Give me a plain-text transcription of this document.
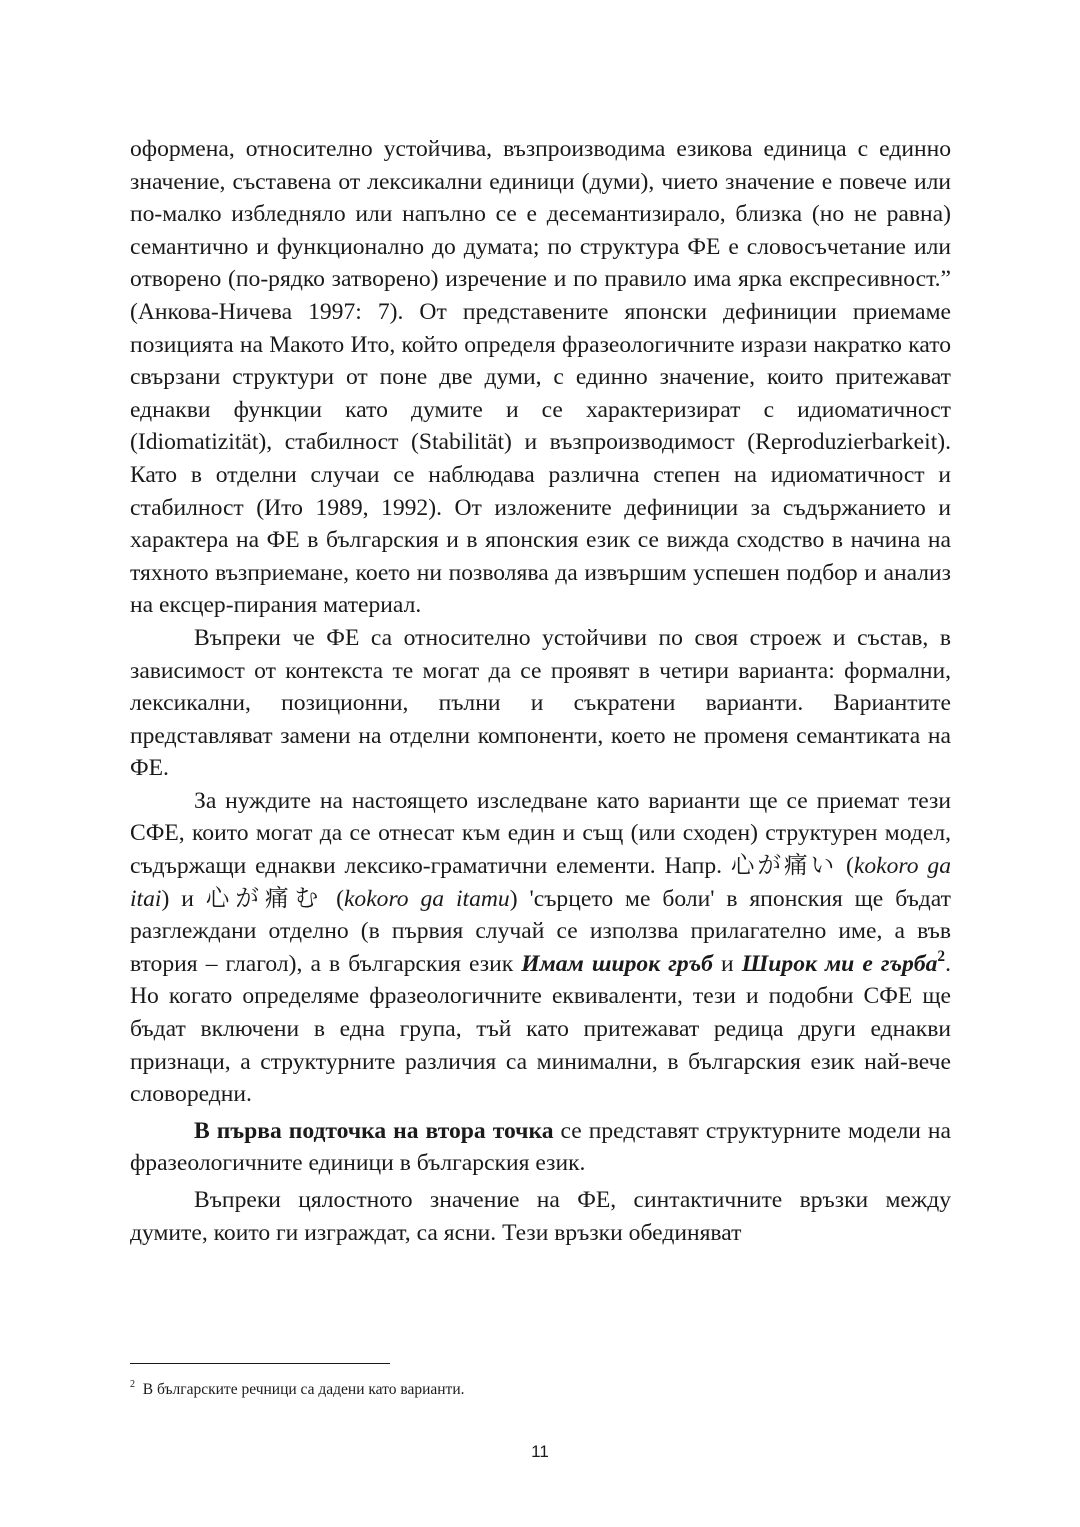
оформена, относително устойчива, възпроизводима езикова единица с единно значение, съставена от лексикални единици (думи), чието значение е повече или по-малко избледняло или напълно се е десемантизирало, близка (но не равна) семантично и функционално до думата; по структура ФЕ е словосъчетание или отворено (по-рядко затворено) изречение и по правило има ярка експресивност.” (Анкова-Ничева 1997: 7). От представените японски дефиниции приемаме позицията на Макото Ито, който определя фразеологичните изрази накратко като свързани структури от поне две думи, с единно значение, които притежават еднакви функции като думите и се характеризират с идиоматичност (Idiomatizität), стабилност (Stabilität) и възпроизводимост (Reproduzierbarkeit). Като в отделни случаи се наблюдава различна степен на идиоматичност и стабилност (Ито 1989, 1992). От изложените дефиниции за съдържанието и характера на ФЕ в българския и в японския език се вижда сходство в начина на тяхното възприемане, което ни позволява да извършим успешен подбор и анализ на ексцер-пирания материал.

Въпреки че ФЕ са относително устойчиви по своя строеж и състав, в зависимост от контекста те могат да се проявят в четири варианта: формални, лексикални, позиционни, пълни и съкратени варианти. Вариантите представляват замени на отделни компоненти, което не променя семантиката на ФЕ.

За нуждите на настоящето изследване като варианти ще се приемат тези СФЕ, които могат да се отнесат към един и същ (или сходен) структурен модел, съдържащи еднакви лексико-граматични елементи. Напр. 心が痛い (kokoro ga itai) и 心が痛む (kokoro ga itamu) 'сърцето ме боли' в японския ще бъдат разглеждани отделно (в първия случай се използва прилагателно име, а във втория – глагол), а в българския език Имам широк гръб и Широк ми е гърба$^2$. Но когато определяме фразеологичните еквиваленти, тези и подобни СФЕ ще бъдат включени в една група, тъй като притежават редица други еднакви признаци, а структурните различия са минимални, в българския език най-вече словоредни.

В първа подточка на втора точка се представят структурните модели на фразеологичните единици в българския език.

Въпреки цялостното значение на ФЕ, синтактичните връзки между думите, които ги изграждат, са ясни. Тези връзки обединяват

$^2$ В българските речници са дадени като варианти.
11
